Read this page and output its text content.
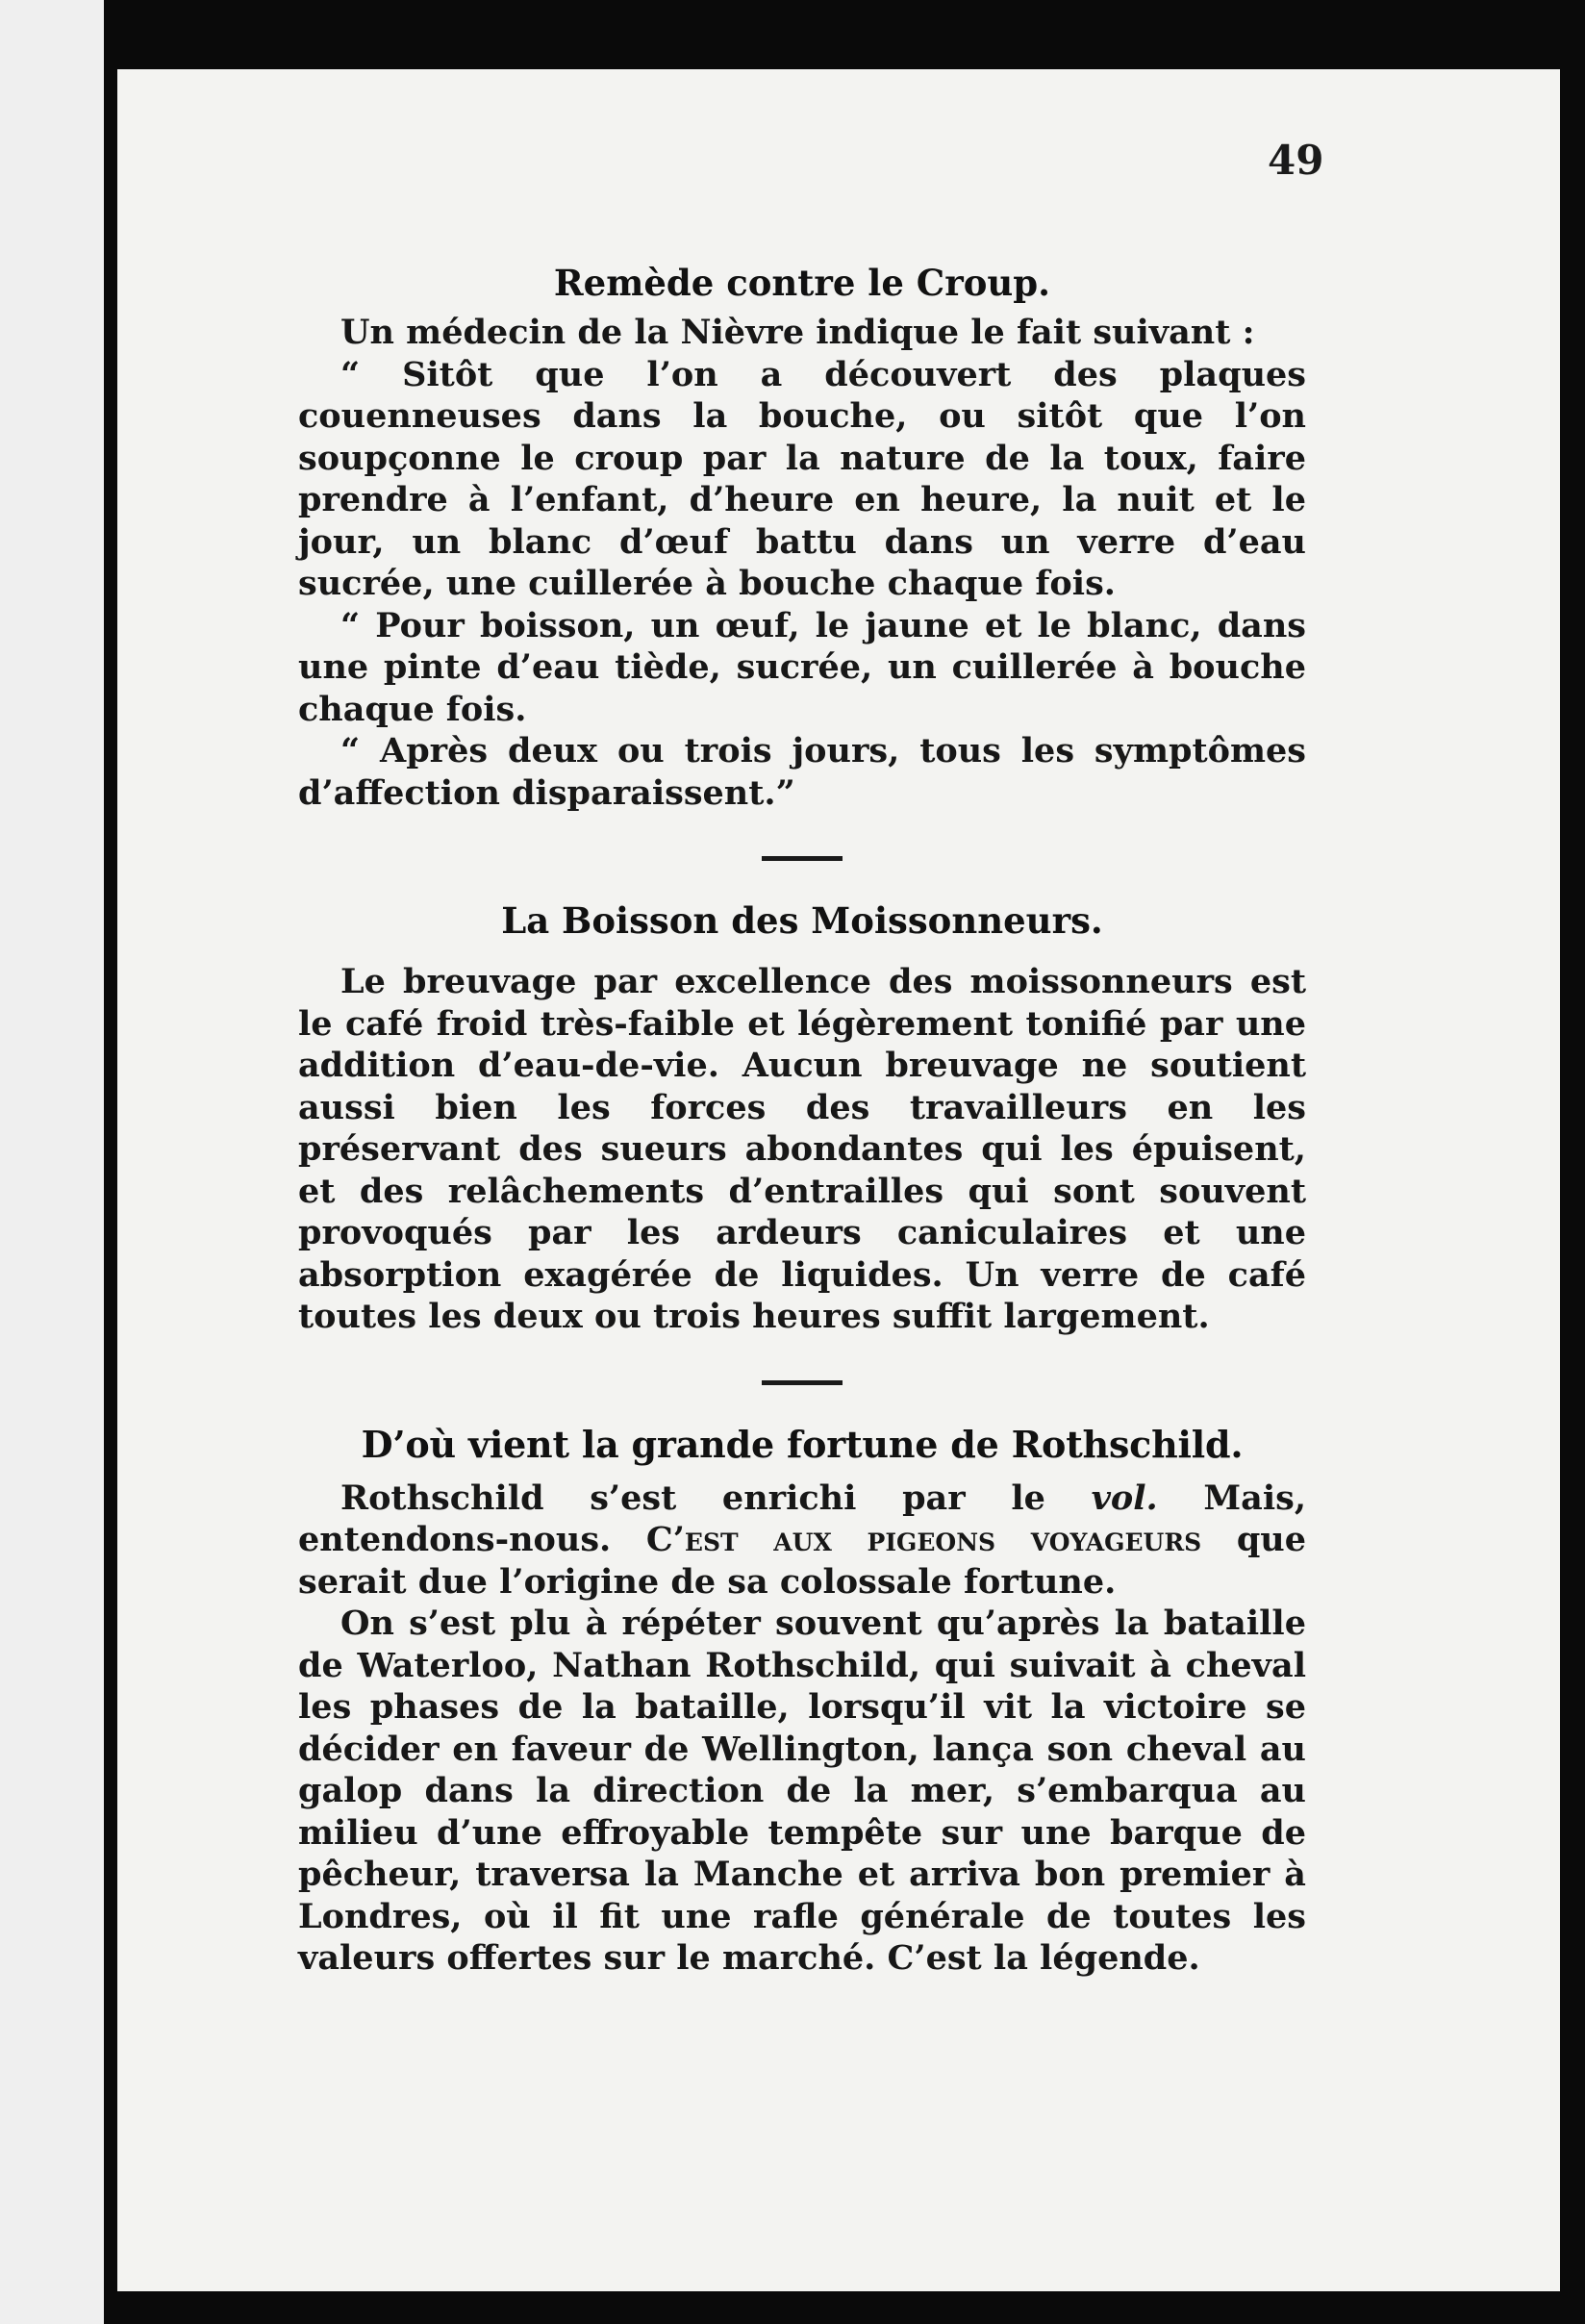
49
Remède contre le Croup.

Un médecin de la Nièvre indique le fait suivant :

“ Sitôt que l’on a découvert des plaques couenneuses dans la bouche, ou sitôt que l’on soupçonne le croup par la nature de la toux, faire prendre à l’enfant, d’heure en heure, la nuit et le jour, un blanc d’œuf battu dans un verre d’eau sucrée, une cuillerée à bouche chaque fois.

“ Pour boisson, un œuf, le jaune et le blanc, dans une pinte d’eau tiède, sucrée, un cuillerée à bouche chaque fois.

“ Après deux ou trois jours, tous les symptômes d’affection disparaissent.”

La Boisson des Moissonneurs.

Le breuvage par excellence des moissonneurs est le café froid très-faible et légèrement tonifié par une addition d’eau-de-vie. Aucun breuvage ne soutient aussi bien les forces des travailleurs en les préservant des sueurs abondantes qui les épuisent, et des relâchements d’entrailles qui sont souvent provoqués par les ardeurs caniculaires et une absorption exagérée de liquides. Un verre de café toutes les deux ou trois heures suffit largement.

D’où vient la grande fortune de Rothschild.

Rothschild s’est enrichi par le vol. Mais, entendons-nous. C’est aux pigeons voyageurs que serait due l’origine de sa colossale fortune.

On s’est plu à répéter souvent qu’après la bataille de Waterloo, Nathan Rothschild, qui suivait à cheval les phases de la bataille, lorsqu’il vit la victoire se décider en faveur de Wellington, lança son cheval au galop dans la direction de la mer, s’embarqua au milieu d’une effroyable tempête sur une barque de pêcheur, traversa la Manche et arriva bon premier à Londres, où il fit une rafle générale de toutes les valeurs offertes sur le marché. C’est la légende.
